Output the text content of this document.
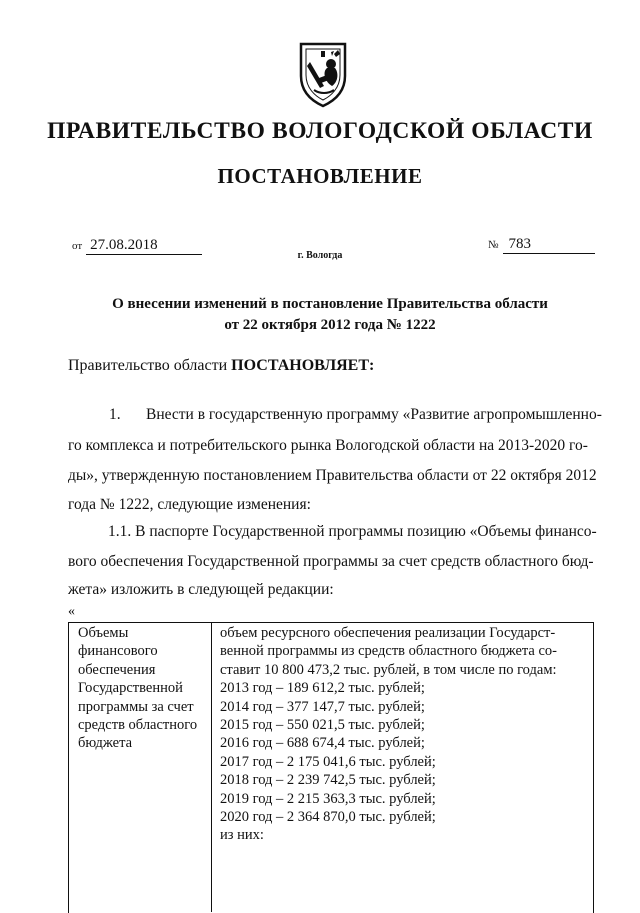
ПРАВИТЕЛЬСТВО ВОЛОГОДСКОЙ ОБЛАСТИ
ПОСТАНОВЛЕНИЕ
от 27.08.2018	№ 783
г. Вологда
О внесении изменений в постановление Правительства области
от 22 октября 2012 года № 1222
Правительство области ПОСТАНОВЛЯЕТ:
1. Внести в государственную программу «Развитие агропромышленно-
го комплекса и потребительского рынка Вологодской области на 2013-2020 го-
ды», утвержденную постановлением Правительства области от 22 октября 2012
года № 1222, следующие изменения:
1.1. В паспорте Государственной программы позицию «Объемы финансо-
вого обеспечения Государственной программы за счет средств областного бюд-
жета» изложить в следующей редакции:
«
Объемы
финансового
обеспечения
Государственной
программы за счет
средств областного
бюджета
объем ресурсного обеспечения реализации Государст-
венной программы из средств областного бюджета со-
ставит 10 800 473,2 тыс. рублей, в том числе по годам:
2013 год – 189 612,2 тыс. рублей;
2014 год – 377 147,7 тыс. рублей;
2015 год – 550 021,5 тыс. рублей;
2016 год – 688 674,4 тыс. рублей;
2017 год – 2 175 041,6 тыс. рублей;
2018 год – 2 239 742,5 тыс. рублей;
2019 год – 2 215 363,3 тыс. рублей;
2020 год – 2 364 870,0 тыс. рублей;
из них:
